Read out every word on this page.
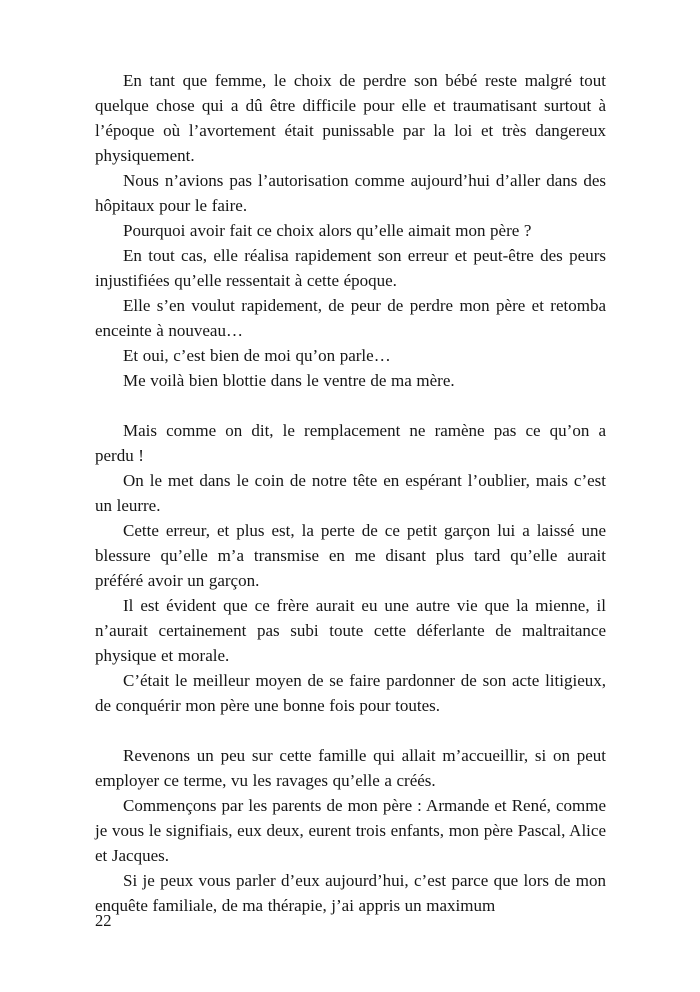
En tant que femme, le choix de perdre son bébé reste malgré tout quelque chose qui a dû être difficile pour elle et traumatisant surtout à l’époque où l’avortement était punissable par la loi et très dangereux physiquement.

Nous n’avions pas l’autorisation comme aujourd’hui d’aller dans des hôpitaux pour le faire.

Pourquoi avoir fait ce choix alors qu’elle aimait mon père ?

En tout cas, elle réalisa rapidement son erreur et peut-être des peurs injustifiées qu’elle ressentait à cette époque.

Elle s’en voulut rapidement, de peur de perdre mon père et retomba enceinte à nouveau…

Et oui, c’est bien de moi qu’on parle…

Me voilà bien blottie dans le ventre de ma mère.

Mais comme on dit, le remplacement ne ramène pas ce qu’on a perdu !

On le met dans le coin de notre tête en espérant l’oublier, mais c’est un leurre.

Cette erreur, et plus est, la perte de ce petit garçon lui a laissé une blessure qu’elle m’a transmise en me disant plus tard qu’elle aurait préféré avoir un garçon.

Il est évident que ce frère aurait eu une autre vie que la mienne, il n’aurait certainement pas subi toute cette déferlante de maltraitance physique et morale.

C’était le meilleur moyen de se faire pardonner de son acte litigieux, de conquérir mon père une bonne fois pour toutes.

Revenons un peu sur cette famille qui allait m’accueillir, si on peut employer ce terme, vu les ravages qu’elle a créés.

Commençons par les parents de mon père : Armande et René, comme je vous le signifiais, eux deux, eurent trois enfants, mon père Pascal, Alice et Jacques.

Si je peux vous parler d’eux aujourd’hui, c’est parce que lors de mon enquête familiale, de ma thérapie, j’ai appris un maximum

22
